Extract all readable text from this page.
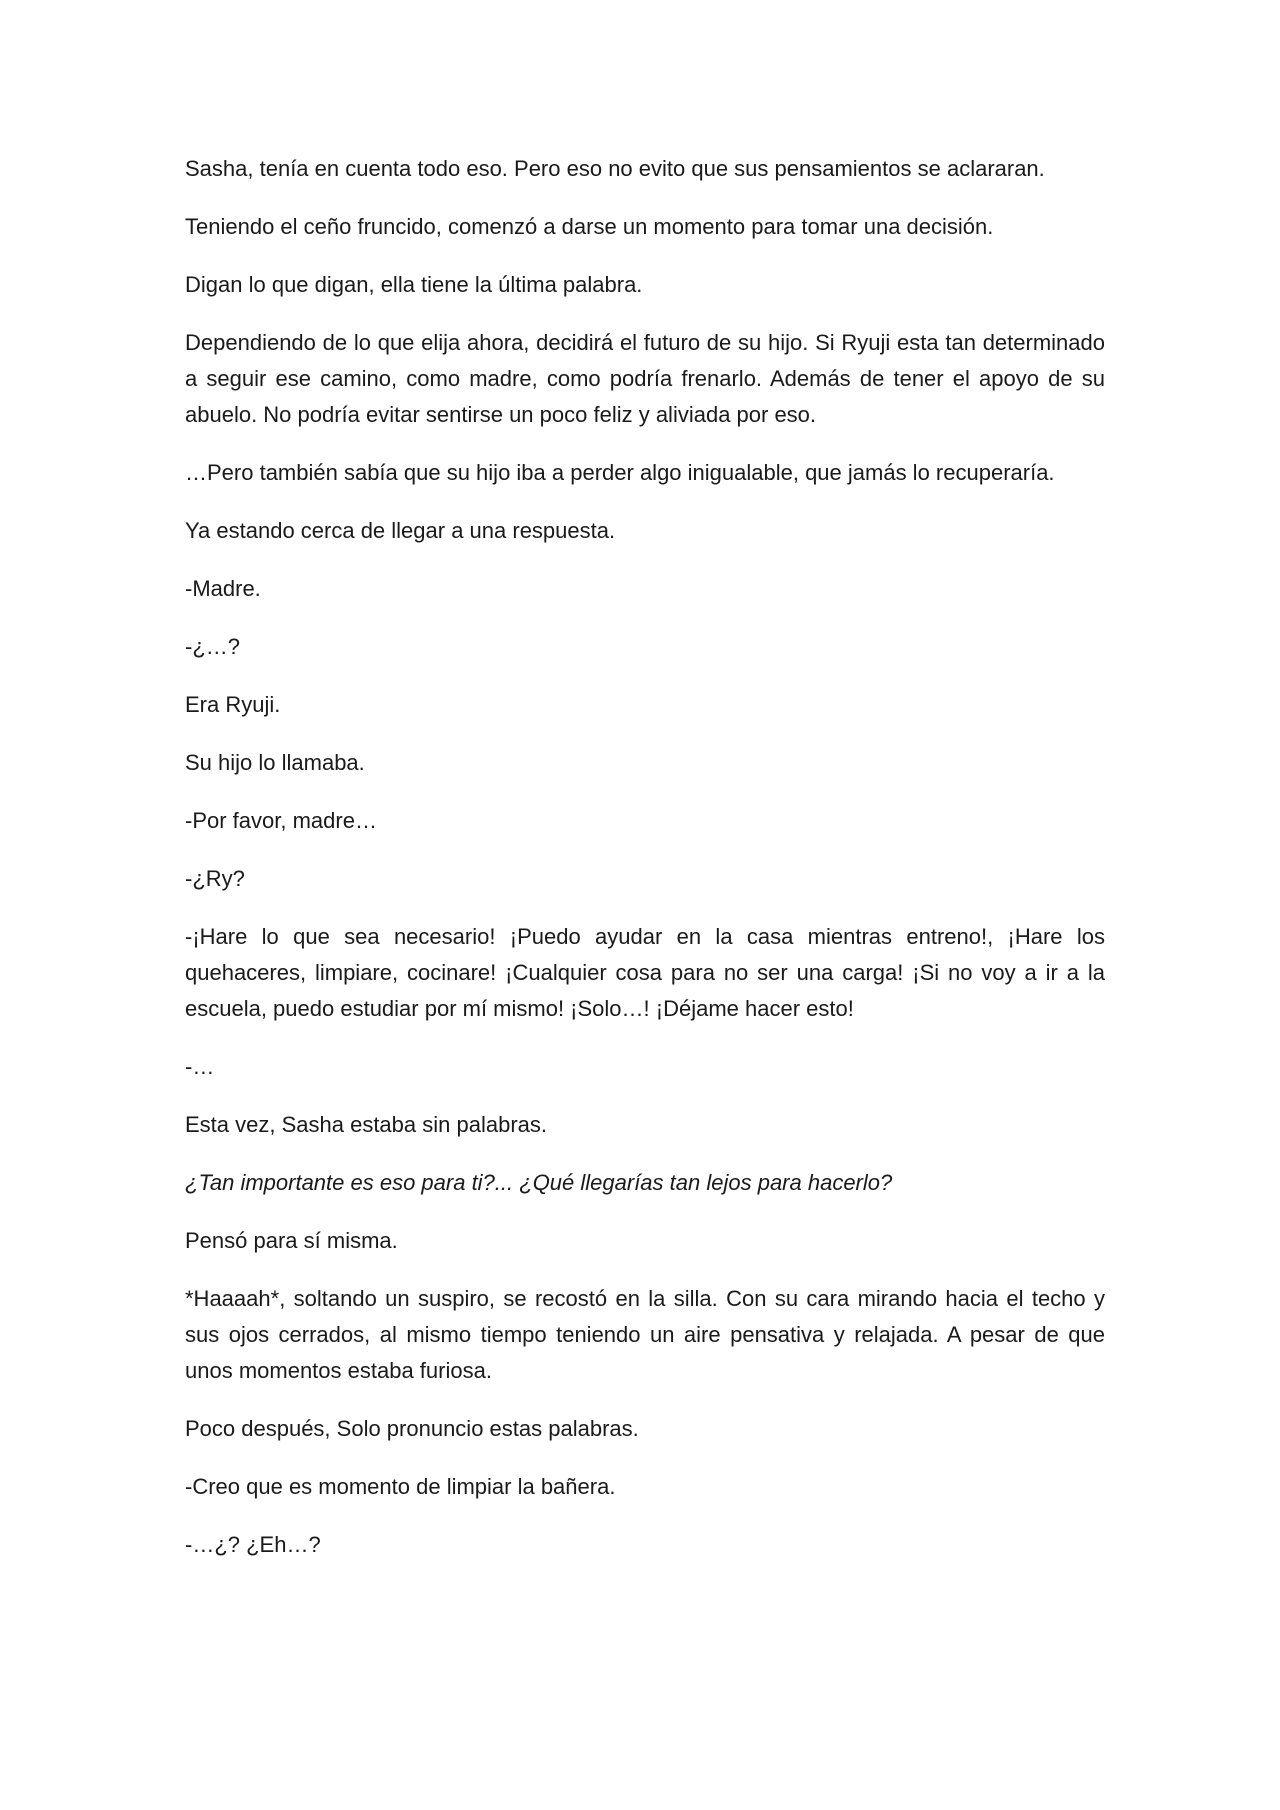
Sasha, tenía en cuenta todo eso. Pero eso no evito que sus pensamientos se aclararan.

Teniendo el ceño fruncido, comenzó a darse un momento para tomar una decisión.

Digan lo que digan, ella tiene la última palabra.

Dependiendo de lo que elija ahora, decidirá el futuro de su hijo. Si Ryuji esta tan determinado a seguir ese camino, como madre, como podría frenarlo. Además de tener el apoyo de su abuelo. No podría evitar sentirse un poco feliz y aliviada por eso.

…Pero también sabía que su hijo iba a perder algo inigualable, que jamás lo recuperaría.

Ya estando cerca de llegar a una respuesta.

-Madre.

-¿…?

Era Ryuji.

Su hijo lo llamaba.

-Por favor, madre…

-¿Ry?

-¡Hare lo que sea necesario! ¡Puedo ayudar en la casa mientras entreno!, ¡Hare los quehaceres, limpiare, cocinare! ¡Cualquier cosa para no ser una carga! ¡Si no voy a ir a la escuela, puedo estudiar por mí mismo! ¡Solo…! ¡Déjame hacer esto!

-…

Esta vez, Sasha estaba sin palabras.

¿Tan importante es eso para ti?... ¿Qué llegarías tan lejos para hacerlo?

Pensó para sí misma.

*Haaaah*, soltando un suspiro, se recostó en la silla. Con su cara mirando hacia el techo y sus ojos cerrados, al mismo tiempo teniendo un aire pensativa y relajada. A pesar de que unos momentos estaba furiosa.

Poco después, Solo pronuncio estas palabras.

-Creo que es momento de limpiar la bañera.

-…¿? ¿Eh…?
